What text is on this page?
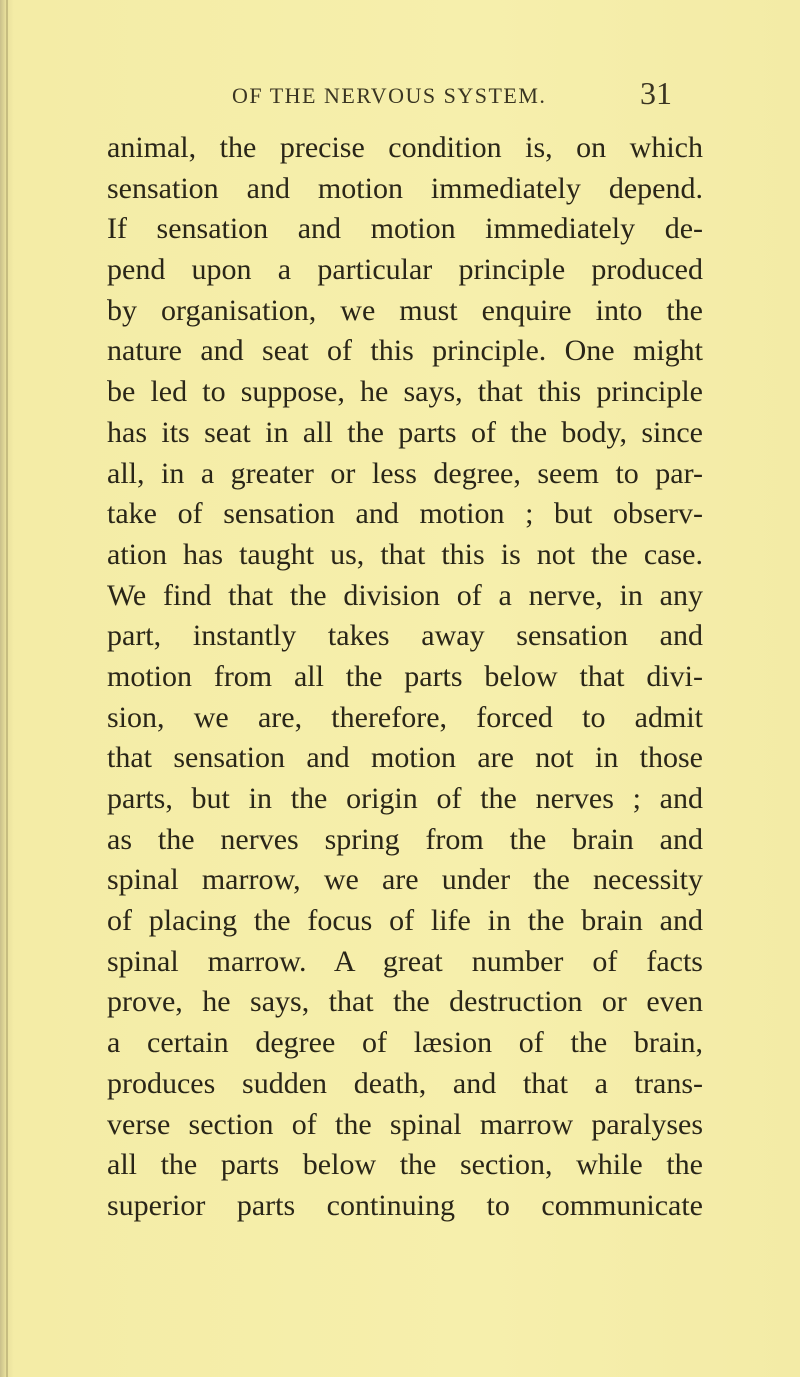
OF THE NERVOUS SYSTEM.	31
animal, the precise condition is, on which
sensation and motion immediately depend.
If sensation and motion immediately de-
pend upon a particular principle produced
by organisation, we must enquire into the
nature and seat of this principle. One might
be led to suppose, he says, that this principle
has its seat in all the parts of the body, since
all, in a greater or less degree, seem to par-
take of sensation and motion ; but observ-
ation has taught us, that this is not the case.
We find that the division of a nerve, in any
part, instantly takes away sensation and
motion from all the parts below that divi-
sion, we are, therefore, forced to admit
that sensation and motion are not in those
parts, but in the origin of the nerves ; and
as the nerves spring from the brain and
spinal marrow, we are under the necessity
of placing the focus of life in the brain and
spinal marrow. A great number of facts
prove, he says, that the destruction or even
a certain degree of læsion of the brain,
produces sudden death, and that a trans-
verse section of the spinal marrow paralyses
all the parts below the section, while the
superior parts continuing to communicate
